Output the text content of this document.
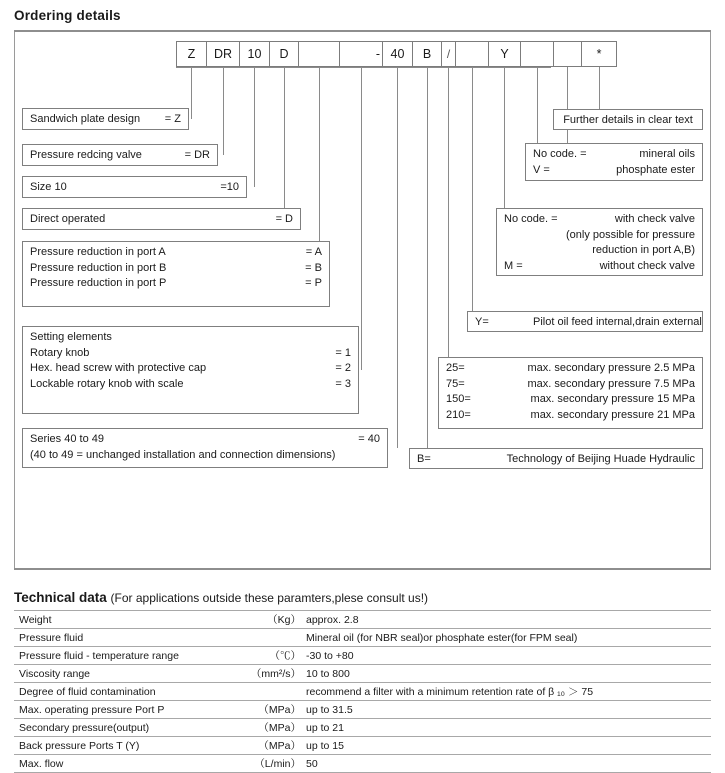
Ordering details
Z	DR	10	D	- 40	B	/	Y	*
Sandwich plate design	= Z
Pressure redcing valve	= DR
Size 10	=10
Direct operated	= D
Pressure reduction in port A	= A
Pressure reduction in port B	= B
Pressure reduction in port P	= P
Setting elements
Rotary knob	= 1
Hex. head screw with protective cap	= 2
Lockable rotary knob with scale	= 3
Series 40 to 49	= 40
(40 to 49 = unchanged installation and connection dimensions)
Further details in clear text
No code. =	mineral oils
V =	phosphate ester
No code. =	with check valve
(only possible for pressure
reduction in port A,B)
M =	without check valve
Y=	Pilot oil feed internal,drain external
25=	max. secondary pressure 2.5 MPa
75=	max. secondary pressure 7.5 MPa
150=	max. secondary pressure 15 MPa
210=	max. secondary pressure 21 MPa
B=	Technology of Beijing Huade Hydraulic
Technical data (For applications outside these paramters,plese consult us!)
Weight	（Kg）	approx. 2.8
Pressure fluid		Mineral oil (for NBR seal)or phosphate ester(for FPM seal)
Pressure fluid - temperature range	（℃）	-30 to +80
Viscosity range	（mm²/s）	10 to 800
Degree of fluid contamination		recommend a filter with a minimum retention rate of β ₁₀ ＞ 75
Max. operating pressure Port P	（MPa）	up to 31.5
Secondary pressure(output)	（MPa）	up to 21
Back pressure Ports T (Y)	（MPa）	up to 15
Max. flow	（L/min）	50
